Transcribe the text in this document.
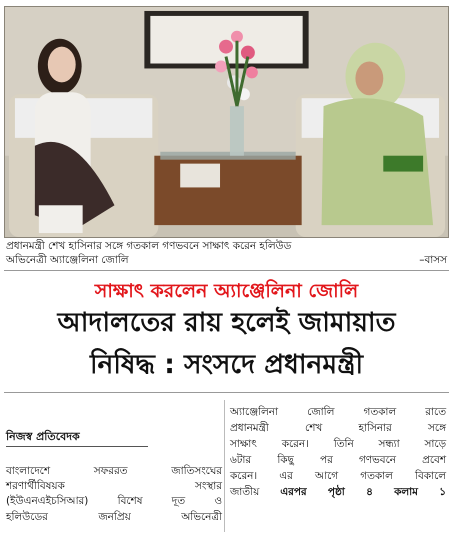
প্রধানমন্ত্রী শেখ হাসিনার সঙ্গে গতকাল গণভবনে সাক্ষাৎ করেন হলিউড
অভিনেত্রী অ্যাঞ্জেলিনা জোলি	–বাসস
সাক্ষাৎ করলেন অ্যাঞ্জেলিনা জোলি
আদালতের রায় হলেই জামায়াত
নিষিদ্ধ : সংসদে প্রধানমন্ত্রী
নিজস্ব প্রতিবেদক
বাংলাদেশে সফররত জাতিসংঘের
শরণার্থীবিষয়ক সংস্থার
(ইউএনএইচসিআর) বিশেষ দূত ও
হলিউডের জনপ্রিয় অভিনেত্রী
অ্যাঞ্জেলিনা জোলি গতকাল রাতে
প্রধানমন্ত্রী শেখ হাসিনার সঙ্গে
সাক্ষাৎ করেন। তিনি সন্ধ্যা সাড়ে
৬টার কিছু পর গণভবনে প্রবেশ
করেন। এর আগে গতকাল বিকালে
জাতীয় এরপর পৃষ্ঠা ৪ কলাম ১
